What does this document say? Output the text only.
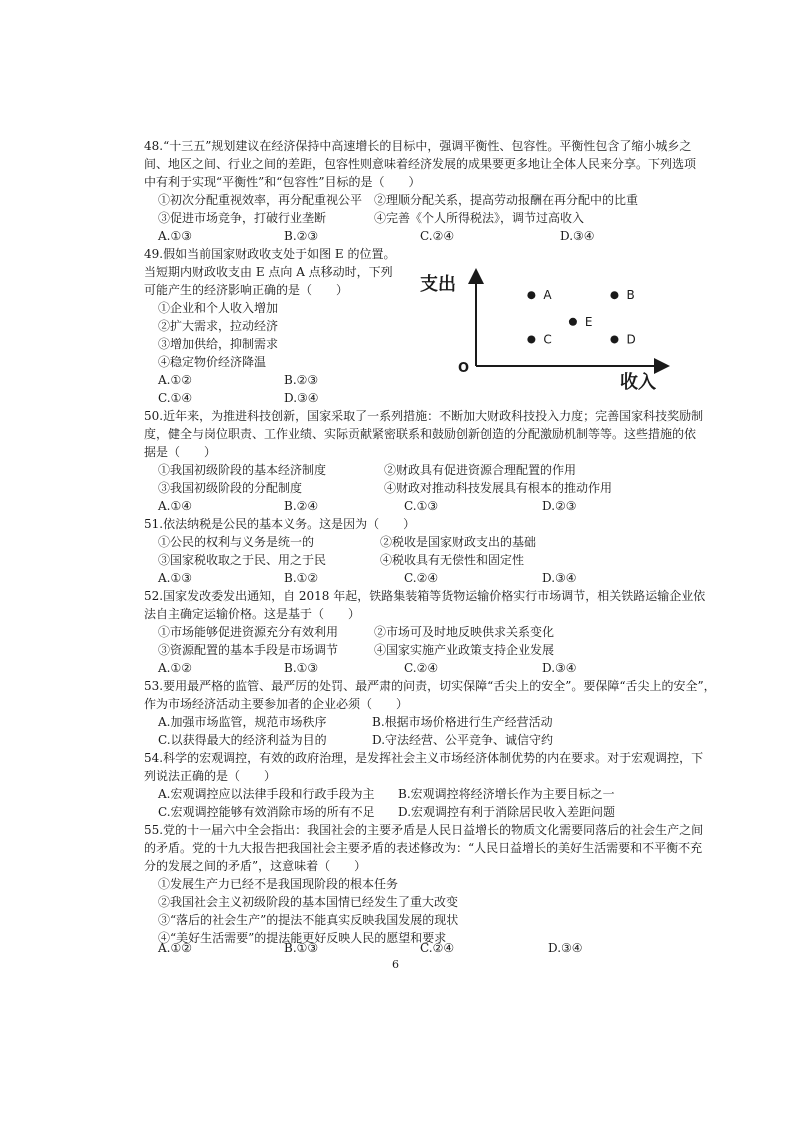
48.“十三五”规划建议在经济保持中高速增长的目标中，强调平衡性、包容性。平衡性包含了缩小城乡之
间、地区之间、行业之间的差距，包容性则意味着经济发展的成果要更多地让全体人民来分享。下列选项
中有利于实现“平衡性”和“包容性”目标的是（　　）
①初次分配重视效率，再分配重视公平 ②理顺分配关系，提高劳动报酬在再分配中的比重
③促进市场竞争，打破行业垄断	④完善《个人所得税法》，调节过高收入
A.①③	B.②③	C.②④	D.③④
49.假如当前国家财政收支处于如图 E 的位置。
当短期内财政收支由 E 点向 A 点移动时，下列
可能产生的经济影响正确的是（　　）
①企业和个人收入增加
②扩大需求，拉动经济
③增加供给，抑制需求
④稳定物价经济降温
A.①②	B.②③
C.①④	D.③④
支出
收入
O
A	B
E
C	D
50.近年来，为推进科技创新，国家采取了一系列措施：不断加大财政科技投入力度；完善国家科技奖励制
度，健全与岗位职责、工作业绩、实际贡献紧密联系和鼓励创新创造的分配激励机制等等。这些措施的依
据是（　　）
①我国初级阶段的基本经济制度	②财政具有促进资源合理配置的作用
③我国初级阶段的分配制度	④财政对推动科技发展具有根本的推动作用
A.①④	B.②④	C.①③	D.②③
51.依法纳税是公民的基本义务。这是因为（　　）
①公民的权利与义务是统一的	②税收是国家财政支出的基础
③国家税收取之于民、用之于民	④税收具有无偿性和固定性
A.①③	B.①②	C.②④	D.③④
52.国家发改委发出通知，自 2018 年起，铁路集装箱等货物运输价格实行市场调节，相关铁路运输企业依
法自主确定运输价格。这是基于（　　）
①市场能够促进资源充分有效利用	②市场可及时地反映供求关系变化
③资源配置的基本手段是市场调节	④国家实施产业政策支持企业发展
A.①②	B.①③	C.②④	D.③④
53.要用最严格的监管、最严厉的处罚、最严肃的问责，切实保障“舌尖上的安全”。要保障“舌尖上的安全”，
作为市场经济活动主要参加者的企业必须（　　）
A.加强市场监管，规范市场秩序	B.根据市场价格进行生产经营活动
C.以获得最大的经济利益为目的	D.守法经营、公平竞争、诚信守约
54.科学的宏观调控，有效的政府治理，是发挥社会主义市场经济体制优势的内在要求。对于宏观调控，下
列说法正确的是（　　）
A.宏观调控应以法律手段和行政手段为主 B.宏观调控将经济增长作为主要目标之一
C.宏观调控能够有效消除市场的所有不足 D.宏观调控有利于消除居民收入差距问题
55.党的十一届六中全会指出：我国社会的主要矛盾是人民日益增长的物质文化需要同落后的社会生产之间
的矛盾。党的十九大报告把我国社会主要矛盾的表述修改为：“人民日益增长的美好生活需要和不平衡不充
分的发展之间的矛盾”，这意味着（　　）
①发展生产力已经不是我国现阶段的根本任务
②我国社会主义初级阶段的基本国情已经发生了重大改变
③“落后的社会生产”的提法不能真实反映我国发展的现状
④“美好生活需要”的提法能更好反映人民的愿望和要求
A.①②	B.①③	C.②④	D.③④
6
